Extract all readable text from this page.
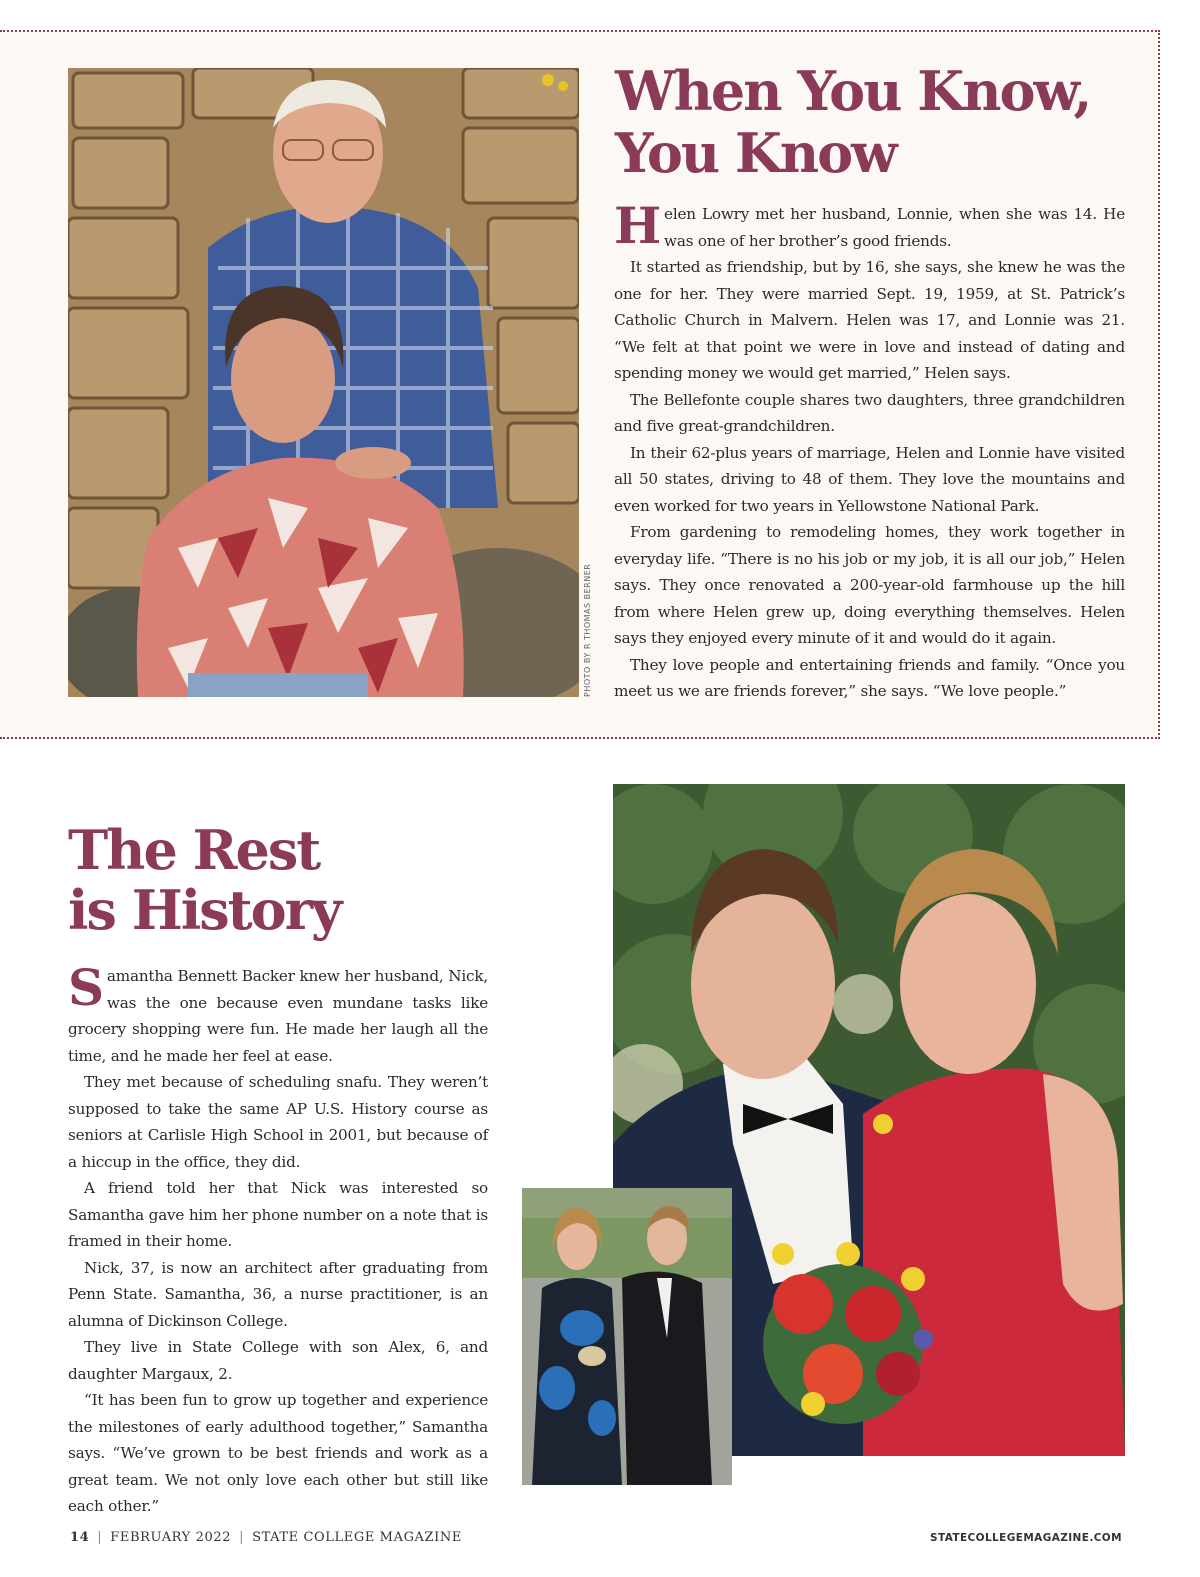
PHOTO BY R THOMAS BERNER
When You Know,
You Know

Helen Lowry met her husband, Lonnie, when she was 14. He was one of her brother’s good friends.

It started as friendship, but by 16, she says, she knew he was the one for her. They were married Sept. 19, 1959, at St. Patrick’s Catholic Church in Malvern. Helen was 17, and Lonnie was 21. “We felt at that point we were in love and instead of dating and spending money we would get married,” Helen says.

The Bellefonte couple shares two daughters, three grandchildren and five great-grandchildren.

In their 62-plus years of marriage, Helen and Lonnie have visited all 50 states, driving to 48 of them. They love the mountains and even worked for two years in Yellowstone National Park.

From gardening to remodeling homes, they work together in everyday life. “There is no his job or my job, it is all our job,” Helen says. They once renovated a 200-year-old farmhouse up the hill from where Helen grew up, doing everything themselves. Helen says they enjoyed every minute of it and would do it again.

They love people and entertaining friends and family. “Once you meet us we are friends forever,” she says. “We love people.”

The Rest
is History

Samantha Bennett Backer knew her husband, Nick, was the one because even mundane tasks like grocery shopping were fun. He made her laugh all the time, and he made her feel at ease.

They met because of scheduling snafu. They weren’t supposed to take the same AP U.S. History course as seniors at Carlisle High School in 2001, but because of a hiccup in the office, they did.

A friend told her that Nick was interested so Samantha gave him her phone number on a note that is framed in their home.

Nick, 37, is now an architect after graduating from Penn State. Samantha, 36, a nurse practitioner, is an alumna of Dickinson College.

They live in State College with son Alex, 6, and daughter Margaux, 2.

“It has been fun to grow up together and experience the milestones of early adulthood together,” Samantha says. “We’ve grown to be best friends and work as a great team. We not only love each other but still like each other.”

14 | FEBRUARY 2022 | STATE COLLEGE MAGAZINE	STATECOLLEGEMAGAZINE.COM
